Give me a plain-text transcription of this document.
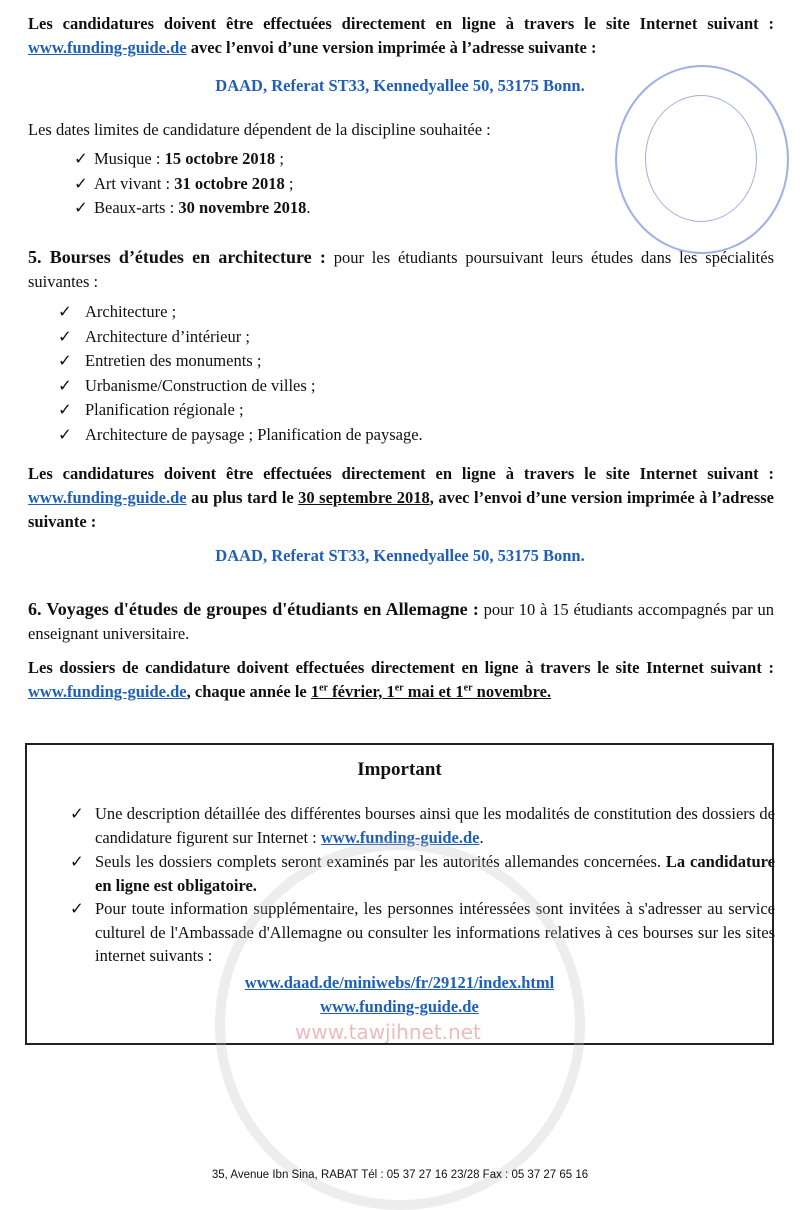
Les candidatures doivent être effectuées directement en ligne à travers le site Internet suivant : www.funding-guide.de avec l’envoi d’une version imprimée à l’adresse suivante :
DAAD, Referat ST33, Kennedyallee 50, 53175 Bonn.
Les dates limites de candidature dépendent de la discipline souhaitée :
✓ Musique : 15 octobre 2018 ;
✓ Art vivant : 31 octobre 2018 ;
✓ Beaux-arts : 30 novembre 2018.
5. Bourses d’études en architecture : pour les étudiants poursuivant leurs études dans les spécialités suivantes :
✓ Architecture ;
✓ Architecture d’intérieur ;
✓ Entretien des monuments ;
✓ Urbanisme/Construction de villes ;
✓ Planification régionale ;
✓ Architecture de paysage ; Planification de paysage.
Les candidatures doivent être effectuées directement en ligne à travers le site Internet suivant : www.funding-guide.de au plus tard le 30 septembre 2018, avec l’envoi d’une version imprimée à l’adresse suivante :
DAAD, Referat ST33, Kennedyallee 50, 53175 Bonn.
6. Voyages d'études de groupes d'étudiants en Allemagne : pour 10 à 15 étudiants accompagnés par un enseignant universitaire.
Les dossiers de candidature doivent effectuées directement en ligne à travers le site Internet suivant : www.funding-guide.de, chaque année le 1er février, 1er mai et 1er novembre.
Important
✓ Une description détaillée des différentes bourses ainsi que les modalités de constitution des dossiers de candidature figurent sur Internet : www.funding-guide.de.
✓ Seuls les dossiers complets seront examinés par les autorités allemandes concernées. La candidature en ligne est obligatoire.
✓ Pour toute information supplémentaire, les personnes intéressées sont invitées à s'adresser au service culturel de l'Ambassade d'Allemagne ou consulter les informations relatives à ces bourses sur les sites internet suivants :
www.daad.de/miniwebs/fr/29121/index.html
www.funding-guide.de
www.tawjihnet.net
35, Avenue Ibn Sina, RABAT Tél : 05 37 27 16 23/28 Fax : 05 37 27 65 16
